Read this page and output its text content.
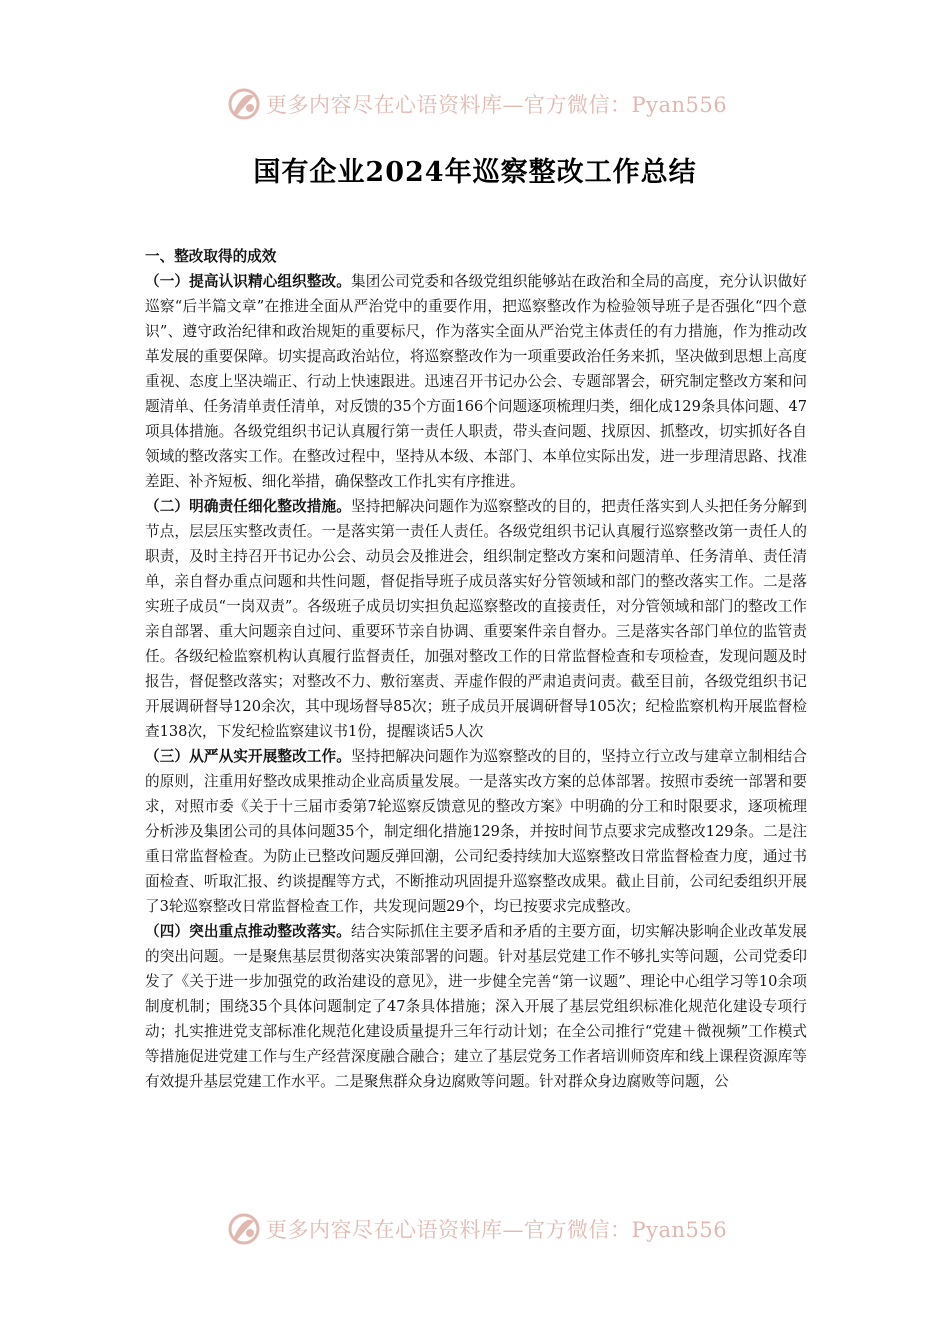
更多内容尽在心语资料库—官方微信：Pyan556
国有企业2024年巡察整改工作总结

一、整改取得的成效

（一）提高认识精心组织整改。集团公司党委和各级党组织能够站在政治和全局的高度，充分认识做好巡察“后半篇文章”在推进全面从严治党中的重要作用，把巡察整改作为检验领导班子是否强化“四个意识”、遵守政治纪律和政治规矩的重要标尺，作为落实全面从严治党主体责任的有力措施，作为推动改革发展的重要保障。切实提高政治站位，将巡察整改作为一项重要政治任务来抓，坚决做到思想上高度重视、态度上坚决端正、行动上快速跟进。迅速召开书记办公会、专题部署会，研究制定整改方案和问题清单、任务清单责任清单，对反馈的35个方面166个问题逐项梳理归类，细化成129条具体问题、47项具体措施。各级党组织书记认真履行第一责任人职责，带头查问题、找原因、抓整改，切实抓好各自领域的整改落实工作。在整改过程中，坚持从本级、本部门、本单位实际出发，进一步理清思路、找准差距、补齐短板、细化举措，确保整改工作扎实有序推进。

（二）明确责任细化整改措施。坚持把解决问题作为巡察整改的目的，把责任落实到人头把任务分解到节点，层层压实整改责任。一是落实第一责任人责任。各级党组织书记认真履行巡察整改第一责任人的职责，及时主持召开书记办公会、动员会及推进会，组织制定整改方案和问题清单、任务清单、责任清单，亲自督办重点问题和共性问题，督促指导班子成员落实好分管领域和部门的整改落实工作。二是落实班子成员“一岗双责”。各级班子成员切实担负起巡察整改的直接责任，对分管领域和部门的整改工作亲自部署、重大问题亲自过问、重要环节亲自协调、重要案件亲自督办。三是落实各部门单位的监管责任。各级纪检监察机构认真履行监督责任，加强对整改工作的日常监督检查和专项检查，发现问题及时报告，督促整改落实；对整改不力、敷衍塞责、弄虚作假的严肃追责问责。截至目前，各级党组织书记开展调研督导120余次，其中现场督导85次；班子成员开展调研督导105次；纪检监察机构开展监督检查138次，下发纪检监察建议书1份，提醒谈话5人次

（三）从严从实开展整改工作。坚持把解决问题作为巡察整改的目的，坚持立行立改与建章立制相结合的原则，注重用好整改成果推动企业高质量发展。一是落实改方案的总体部署。按照市委统一部署和要求，对照市委《关于十三届市委第7轮巡察反馈意见的整改方案》中明确的分工和时限要求，逐项梳理分析涉及集团公司的具体问题35个，制定细化措施129条，并按时间节点要求完成整改129条。二是注重日常监督检查。为防止已整改问题反弹回潮，公司纪委持续加大巡察整改日常监督检查力度，通过书面检查、听取汇报、约谈提醒等方式，不断推动巩固提升巡察整改成果。截止目前，公司纪委组织开展了3轮巡察整改日常监督检查工作，共发现问题29个，均已按要求完成整改。

（四）突出重点推动整改落实。结合实际抓住主要矛盾和矛盾的主要方面，切实解决影响企业改革发展的突出问题。一是聚焦基层贯彻落实决策部署的问题。针对基层党建工作不够扎实等问题，公司党委印发了《关于进一步加强党的政治建设的意见》，进一步健全完善“第一议题”、理论中心组学习等10余项制度机制；围绕35个具体问题制定了47条具体措施；深入开展了基层党组织标准化规范化建设专项行动；扎实推进党支部标准化规范化建设质量提升三年行动计划；在全公司推行“党建＋微视频”工作模式等措施促进党建工作与生产经营深度融合融合；建立了基层党务工作者培训师资库和线上课程资源库等有效提升基层党建工作水平。二是聚焦群众身边腐败等问题。针对群众身边腐败等问题，公

更多内容尽在心语资料库—官方微信：Pyan556
